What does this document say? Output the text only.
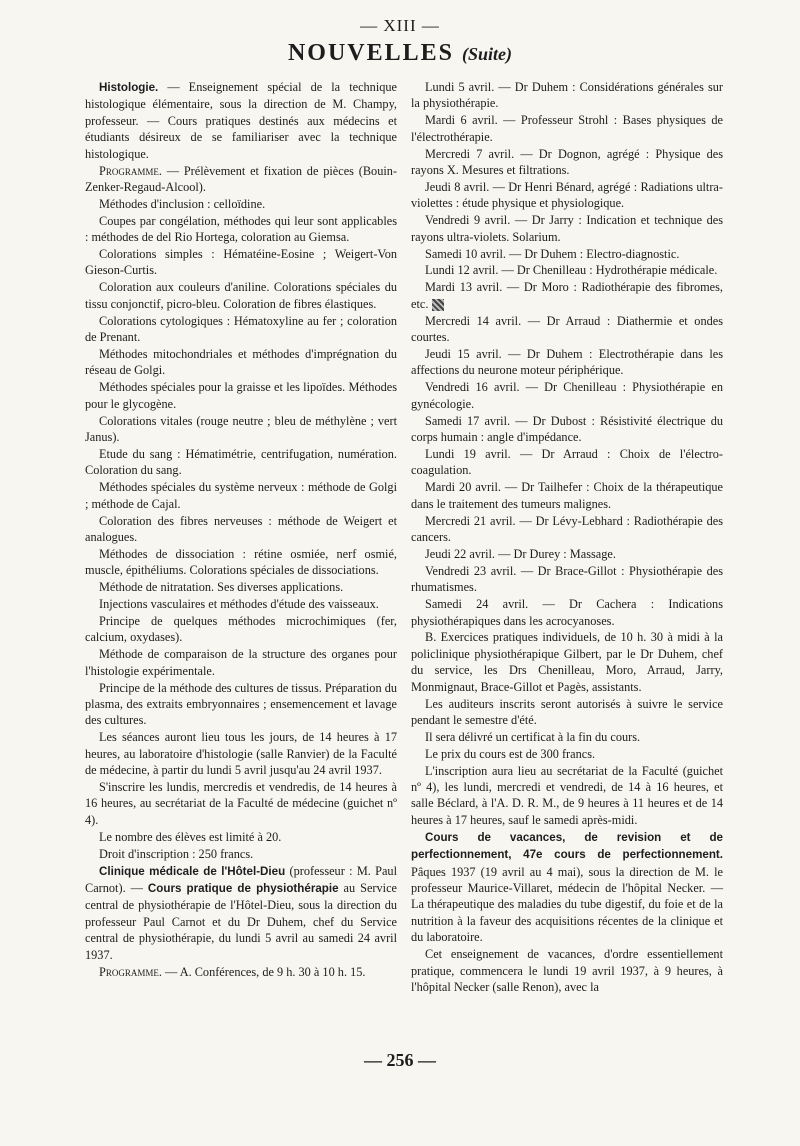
— XIII —
NOUVELLES (Suite)

Histologie. — Enseignement spécial de la technique histologique élémentaire, sous la direction de M. Champy, professeur. — Cours pratiques destinés aux médecins et étudiants désireux de se familiariser avec la technique histologique.

Programme. — Prélèvement et fixation de pièces (Bouin-Zenker-Regaud-Alcool).

Méthodes d'inclusion : celloïdine.

Coupes par congélation, méthodes qui leur sont applicables : méthodes de del Rio Hortega, coloration au Giemsa.

Colorations simples : Hématéine-Eosine ; Weigert-Von Gieson-Curtis.

Coloration aux couleurs d'aniline. Colorations spéciales du tissu conjonctif, picro-bleu. Coloration de fibres élastiques.

Colorations cytologiques : Hématoxyline au fer ; coloration de Prenant.

Méthodes mitochondriales et méthodes d'imprégnation du réseau de Golgi.

Méthodes spéciales pour la graisse et les lipoïdes. Méthodes pour le glycogène.

Colorations vitales (rouge neutre ; bleu de méthylène ; vert Janus).

Etude du sang : Hématimétrie, centrifugation, numération. Coloration du sang.

Méthodes spéciales du système nerveux : méthode de Golgi ; méthode de Cajal.

Coloration des fibres nerveuses : méthode de Weigert et analogues.

Méthodes de dissociation : rétine osmiée, nerf osmié, muscle, épithéliums. Colorations spéciales de dissociations.

Méthode de nitratation. Ses diverses applications.

Injections vasculaires et méthodes d'étude des vaisseaux.

Principe de quelques méthodes microchimiques (fer, calcium, oxydases).

Méthode de comparaison de la structure des organes pour l'histologie expérimentale.

Principe de la méthode des cultures de tissus. Préparation du plasma, des extraits embryonnaires ; ensemencement et lavage des cultures.

Les séances auront lieu tous les jours, de 14 heures à 17 heures, au laboratoire d'histologie (salle Ranvier) de la Faculté de médecine, à partir du lundi 5 avril jusqu'au 24 avril 1937.

S'inscrire les lundis, mercredis et vendredis, de 14 heures à 16 heures, au secrétariat de la Faculté de médecine (guichet nº 4).

Le nombre des élèves est limité à 20.

Droit d'inscription : 250 francs.

Clinique médicale de l'Hôtel-Dieu (professeur : M. Paul Carnot). — Cours pratique de physiothérapie au Service central de physiothérapie de l'Hôtel-Dieu, sous la direction du professeur Paul Carnot et du Dr Duhem, chef du Service central de physiothérapie, du lundi 5 avril au samedi 24 avril 1937.

Programme. — A. Conférences, de 9 h. 30 à 10 h. 15.

Lundi 5 avril. — Dr Duhem : Considérations générales sur la physiothérapie.

Mardi 6 avril. — Professeur Strohl : Bases physiques de l'électrothérapie.

Mercredi 7 avril. — Dr Dognon, agrégé : Physique des rayons X. Mesures et filtrations.

Jeudi 8 avril. — Dr Henri Bénard, agrégé : Radiations ultra-violettes : étude physique et physiologique.

Vendredi 9 avril. — Dr Jarry : Indication et technique des rayons ultra-violets. Solarium.

Samedi 10 avril. — Dr Duhem : Electro-diagnostic.

Lundi 12 avril. — Dr Chenilleau : Hydrothérapie médicale.

Mardi 13 avril. — Dr Moro : Radiothérapie des fibromes, etc.

Mercredi 14 avril. — Dr Arraud : Diathermie et ondes courtes.

Jeudi 15 avril. — Dr Duhem : Electrothérapie dans les affections du neurone moteur périphérique.

Vendredi 16 avril. — Dr Chenilleau : Physiothérapie en gynécologie.

Samedi 17 avril. — Dr Dubost : Résistivité électrique du corps humain : angle d'impédance.

Lundi 19 avril. — Dr Arraud : Choix de l'électro-coagulation.

Mardi 20 avril. — Dr Tailhefer : Choix de la thérapeutique dans le traitement des tumeurs malignes.

Mercredi 21 avril. — Dr Lévy-Lebhard : Radiothérapie des cancers.

Jeudi 22 avril. — Dr Durey : Massage.

Vendredi 23 avril. — Dr Brace-Gillot : Physiothérapie des rhumatismes.

Samedi 24 avril. — Dr Cachera : Indications physiothérapiques dans les acrocyanoses.

B. Exercices pratiques individuels, de 10 h. 30 à midi à la policlinique physiothérapique Gilbert, par le Dr Duhem, chef du service, les Drs Chenilleau, Moro, Arraud, Jarry, Monmignaut, Brace-Gillot et Pagès, assistants.

Les auditeurs inscrits seront autorisés à suivre le service pendant le semestre d'été.

Il sera délivré un certificat à la fin du cours.

Le prix du cours est de 300 francs.

L'inscription aura lieu au secrétariat de la Faculté (guichet nº 4), les lundi, mercredi et vendredi, de 14 à 16 heures, et salle Béclard, à l'A. D. R. M., de 9 heures à 11 heures et de 14 heures à 17 heures, sauf le samedi après-midi.

Cours de vacances, de revision et de perfectionnement, 47e cours de perfectionnement. Pâques 1937 (19 avril au 4 mai), sous la direction de M. le professeur Maurice-Villaret, médecin de l'hôpital Necker. — La thérapeutique des maladies du tube digestif, du foie et de la nutrition à la faveur des acquisitions récentes de la clinique et du laboratoire.

Cet enseignement de vacances, d'ordre essentiellement pratique, commencera le lundi 19 avril 1937, à 9 heures, à l'hôpital Necker (salle Renon), avec la

— 256 —
